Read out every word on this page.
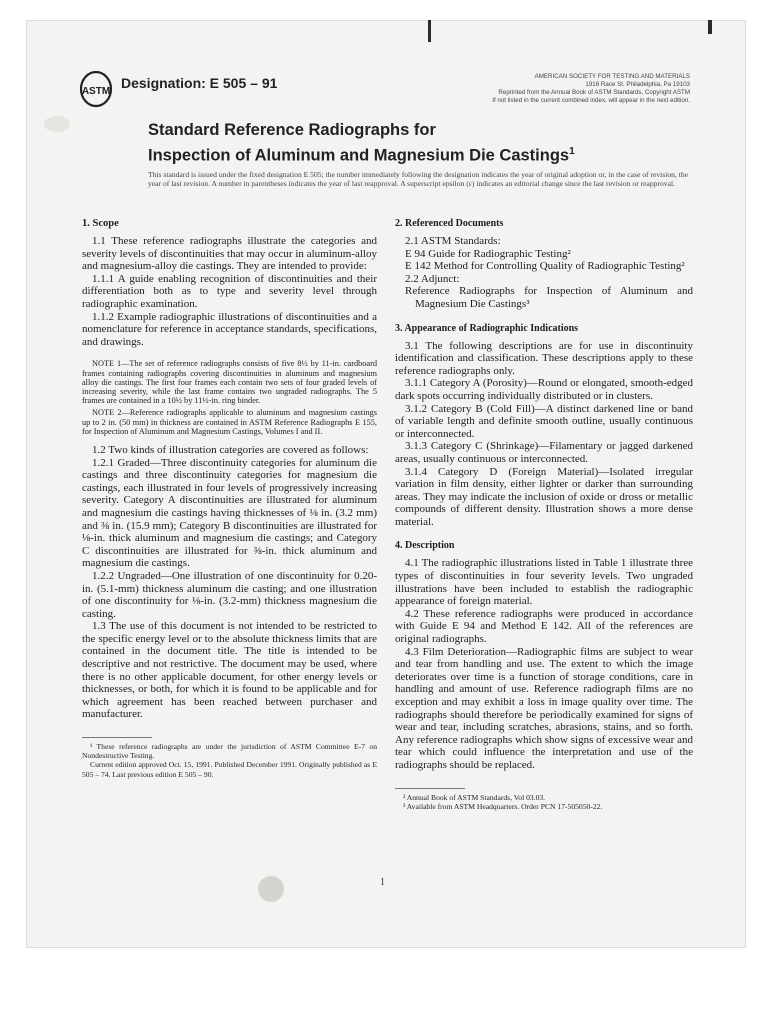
ASTM
Designation: E 505 – 91	AMERICAN SOCIETY FOR TESTING AND MATERIALS
1916 Race St. Philadelphia, Pa 19103
Reprinted from the Annual Book of ASTM Standards, Copyright ASTM
If not listed in the current combined index, will appear in the next edition.
Standard Reference Radiographs for
Inspection of Aluminum and Magnesium Die Castings$^1$
This standard is issued under the fixed designation E 505; the number immediately following the designation indicates the year of original adoption or, in the case of revision, the year of last revision. A number in parentheses indicates the year of last reapproval. A superscript epsilon (ε) indicates an editorial change since the last revision or reapproval.
1. Scope

1.1 These reference radiographs illustrate the categories and severity levels of discontinuities that may occur in aluminum-alloy and magnesium-alloy die castings. They are intended to provide:

1.1.1 A guide enabling recognition of discontinuities and their differentiation both as to type and severity level through radiographic examination.

1.1.2 Example radiographic illustrations of discontinuities and a nomenclature for reference in acceptance standards, specifications, and drawings.

NOTE 1—The set of reference radiographs consists of five 8½ by 11-in. cardboard frames containing radiographs covering discontinuities in aluminum and magnesium alloy die castings. The first four frames each contain two sets of four graded levels of increasing severity, while the last frame contains two ungraded radiographs. The 5 frames are contained in a 10½ by 11½-in. ring binder.

NOTE 2—Reference radiographs applicable to aluminum and magnesium castings up to 2 in. (50 mm) in thickness are contained in ASTM Reference Radiographs E 155, for Inspection of Aluminum and Magnesium Castings, Volumes I and II.

1.2 Two kinds of illustration categories are covered as follows:

1.2.1 Graded—Three discontinuity categories for aluminum die castings and three discontinuity categories for magnesium die castings, each illustrated in four levels of progressively increasing severity. Category A discontinuities are illustrated for aluminum and magnesium die castings having thicknesses of ⅛ in. (3.2 mm) and ⅜ in. (15.9 mm); Category B discontinuities are illustrated for ⅛-in. thick aluminum and magnesium die castings; and Category C discontinuities are illustrated for ⅜-in. thick aluminum and magnesium die castings.

1.2.2 Ungraded—One illustration of one discontinuity for 0.20-in. (5.1-mm) thickness aluminum die casting; and one illustration of one discontinuity for ⅛-in. (3.2-mm) thickness magnesium die casting.

1.3 The use of this document is not intended to be restricted to the specific energy level or to the absolute thickness limits that are contained in the document title. The title is intended to be descriptive and not restrictive. The document may be used, where there is no other applicable document, for other energy levels or thicknesses, or both, for which it is found to be applicable and for which agreement has been reached between purchaser and manufacturer.

¹ These reference radiographs are under the jurisdiction of ASTM Committee E-7 on Nondestructive Testing.

Current edition approved Oct. 15, 1991. Published December 1991. Originally published as E 505 – 74. Last previous edition E 505 – 90.

2. Referenced Documents

2.1 ASTM Standards:

E 94 Guide for Radiographic Testing²

E 142 Method for Controlling Quality of Radiographic Testing²

2.2 Adjunct:

Reference Radiographs for Inspection of Aluminum and Magnesium Die Castings³

3. Appearance of Radiographic Indications

3.1 The following descriptions are for use in discontinuity identification and classification. These descriptions apply to these reference radiographs only.

3.1.1 Category A (Porosity)—Round or elongated, smooth-edged dark spots occurring individually distributed or in clusters.

3.1.2 Category B (Cold Fill)—A distinct darkened line or band of variable length and definite smooth outline, usually continuous or interconnected.

3.1.3 Category C (Shrinkage)—Filamentary or jagged darkened areas, usually continuous or interconnected.

3.1.4 Category D (Foreign Material)—Isolated irregular variation in film density, either lighter or darker than surrounding areas. They may indicate the inclusion of oxide or dross or metallic compounds of different density. Illustration shows a more dense material.

4. Description

4.1 The radiographic illustrations listed in Table 1 illustrate three types of discontinuities in four severity levels. Two ungraded illustrations have been included to establish the radiographic appearance of foreign material.

4.2 These reference radiographs were produced in accordance with Guide E 94 and Method E 142. All of the references are original radiographs.

4.3 Film Deterioration—Radiographic films are subject to wear and tear from handling and use. The extent to which the image deteriorates over time is a function of storage conditions, care in handling and amount of use. Reference radiograph films are no exception and may exhibit a loss in image quality over time. The radiographs should therefore be periodically examined for signs of wear and tear, including scratches, abrasions, stains, and so forth. Any reference radiographs which show signs of excessive wear and tear which could influence the interpretation and use of the radiographs should be replaced.

² Annual Book of ASTM Standards, Vol 03.03.

³ Available from ASTM Headquarters. Order PCN 17-505050-22.

1
